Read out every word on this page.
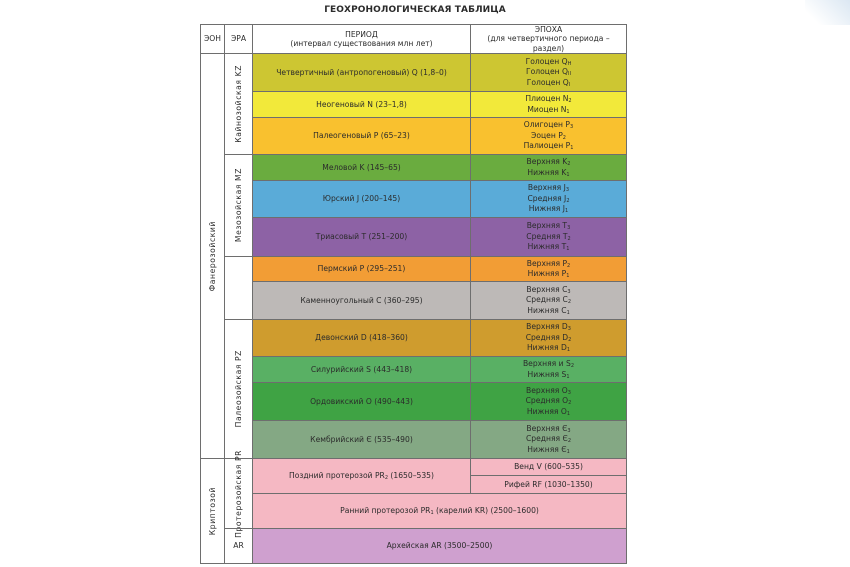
ГЕОХРОНОЛОГИЧЕСКАЯ ТАБЛИЦА
ЭОН ЭРА
ПЕРИОД
(интервал существования млн лет)
ЭПОХА
(для четвертичного периода – раздел)
Фанерозойский
Криптозой
Кайнозойская KZ
Мезозойская MZ
Палеозойская PZ
Протерозойская PR
AR
Четвертичный (антропогеновый) Q (1,8–0)
Голоцен $Q_H$
Голоцен $Q_{II}$
Голоцен $Q_I$
Неогеновый N (23–1,8)
Плиоцен $N_2$
Миоцен $N_1$
Палеогеновый P (65–23)
Олигоцен $P_3$
Эоцен $P_2$
Палиоцен $P_1$
Меловой K (145–65)
Верхняя $K_2$
Нижняя $K_1$
Юрский J (200–145)
Верхняя $J_3$
Средняя $J_2$
Нижняя $J_1$
Триасовый T (251–200)
Верхняя $T_3$
Средняя $T_2$
Нижняя $T_1$
Пермский P (295–251)
Верхняя $P_2$
Нижняя $P_1$
Каменноугольный C (360–295)
Верхняя $C_3$
Средняя $C_2$
Нижняя $C_1$
Девонский D (418–360)
Верхняя $D_3$
Средняя $D_2$
Нижняя $D_1$
Силурийский S (443–418)
Верхняя и $S_2$
Нижняя $S_1$
Ордовикский O (490–443)
Верхняя $O_3$
Средняя $O_2$
Нижняя $O_1$
Кембрийский Є (535–490)
Верхняя $Є_3$
Средняя $Є_2$
Нижняя $Є_1$
Поздний протерозой $PR_2$ (1650–535)
Венд V (600–535)
Рифей RF (1030–1350)
Ранний протерозой $PR_1$ (карелий KR) (2500–1600)
Архейская AR (3500–2500)
